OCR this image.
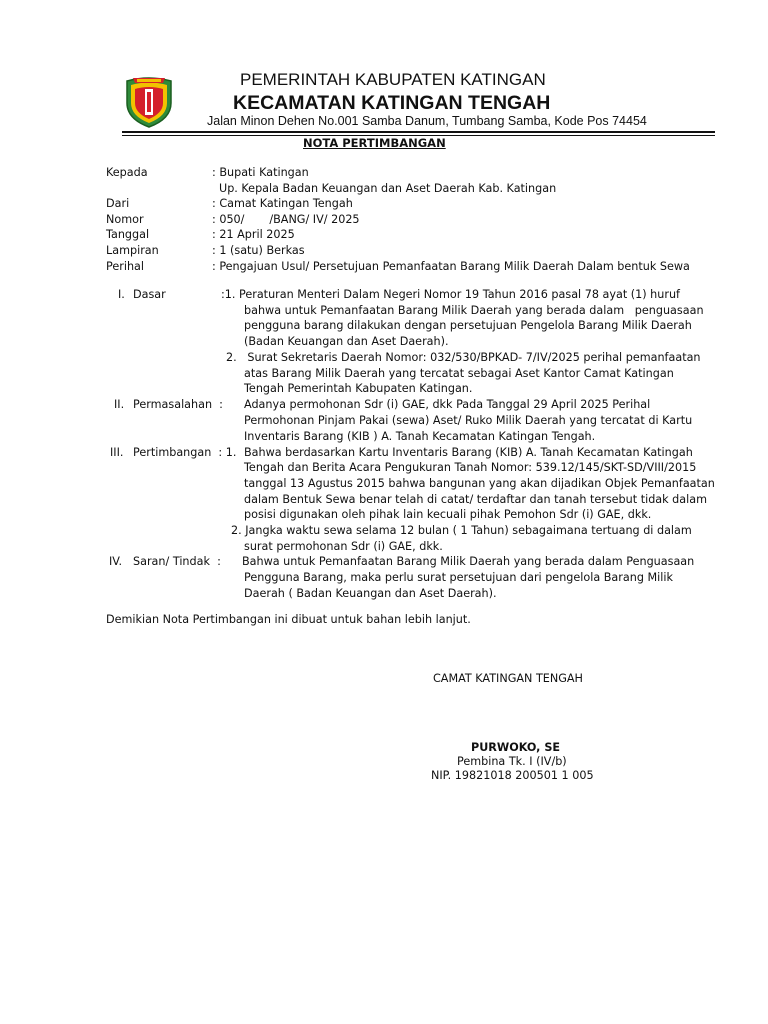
PEMERINTAH KABUPATEN KATINGAN
KECAMATAN KATINGAN TENGAH
Jalan Minon Dehen No.001 Samba Danum, Tumbang Samba, Kode Pos 74454
NOTA PERTIMBANGAN
Kepada	: Bupati Katingan
Up. Kepala Badan Keuangan dan Aset Daerah Kab. Katingan
Dari	: Camat Katingan Tengah
Nomor	: 050/       /BANG/ IV/ 2025
Tanggal	: 21 April 2025
Lampiran	: 1 (satu) Berkas
Perihal	: Pengajuan Usul/ Persetujuan Pemanfaatan Barang Milik Daerah Dalam bentuk Sewa
I. Dasar	:1. Peraturan Menteri Dalam Negeri Nomor 19 Tahun 2016 pasal 78 ayat (1) huruf
bahwa untuk Pemanfaatan Barang Milik Daerah yang berada dalam   penguasaan
pengguna barang dilakukan dengan persetujuan Pengelola Barang Milik Daerah
(Badan Keuangan dan Aset Daerah).
2.   Surat Sekretaris Daerah Nomor: 032/530/BPKAD- 7/IV/2025 perihal pemanfaatan
atas Barang Milik Daerah yang tercatat sebagai Aset Kantor Camat Katingan
Tengah Pemerintah Kabupaten Katingan.
II. Permasalahan  : Adanya permohonan Sdr (i) GAE, dkk Pada Tanggal 29 April 2025 Perihal
Permohonan Pinjam Pakai (sewa) Aset/ Ruko Milik Daerah yang tercatat di Kartu
Inventaris Barang (KIB ) A. Tanah Kecamatan Katingan Tengah.
III. Pertimbangan  : 1. Bahwa berdasarkan Kartu Inventaris Barang (KIB) A. Tanah Kecamatan Katingah
Tengah dan Berita Acara Pengukuran Tanah Nomor: 539.12/145/SKT-SD/VIII/2015
tanggal 13 Agustus 2015 bahwa bangunan yang akan dijadikan Objek Pemanfaatan
dalam Bentuk Sewa benar telah di catat/ terdaftar dan tanah tersebut tidak dalam
posisi digunakan oleh pihak lain kecuali pihak Pemohon Sdr (i) GAE, dkk.
2. Jangka waktu sewa selama 12 bulan ( 1 Tahun) sebagaimana tertuang di dalam
surat permohonan Sdr (i) GAE, dkk.
IV. Saran/ Tindak  : Bahwa untuk Pemanfaatan Barang Milik Daerah yang berada dalam Penguasaan
Pengguna Barang, maka perlu surat persetujuan dari pengelola Barang Milik
Daerah ( Badan Keuangan dan Aset Daerah).
Demikian Nota Pertimbangan ini dibuat untuk bahan lebih lanjut.
CAMAT KATINGAN TENGAH
PURWOKO, SE
Pembina Tk. I (IV/b)
NIP. 19821018 200501 1 005
